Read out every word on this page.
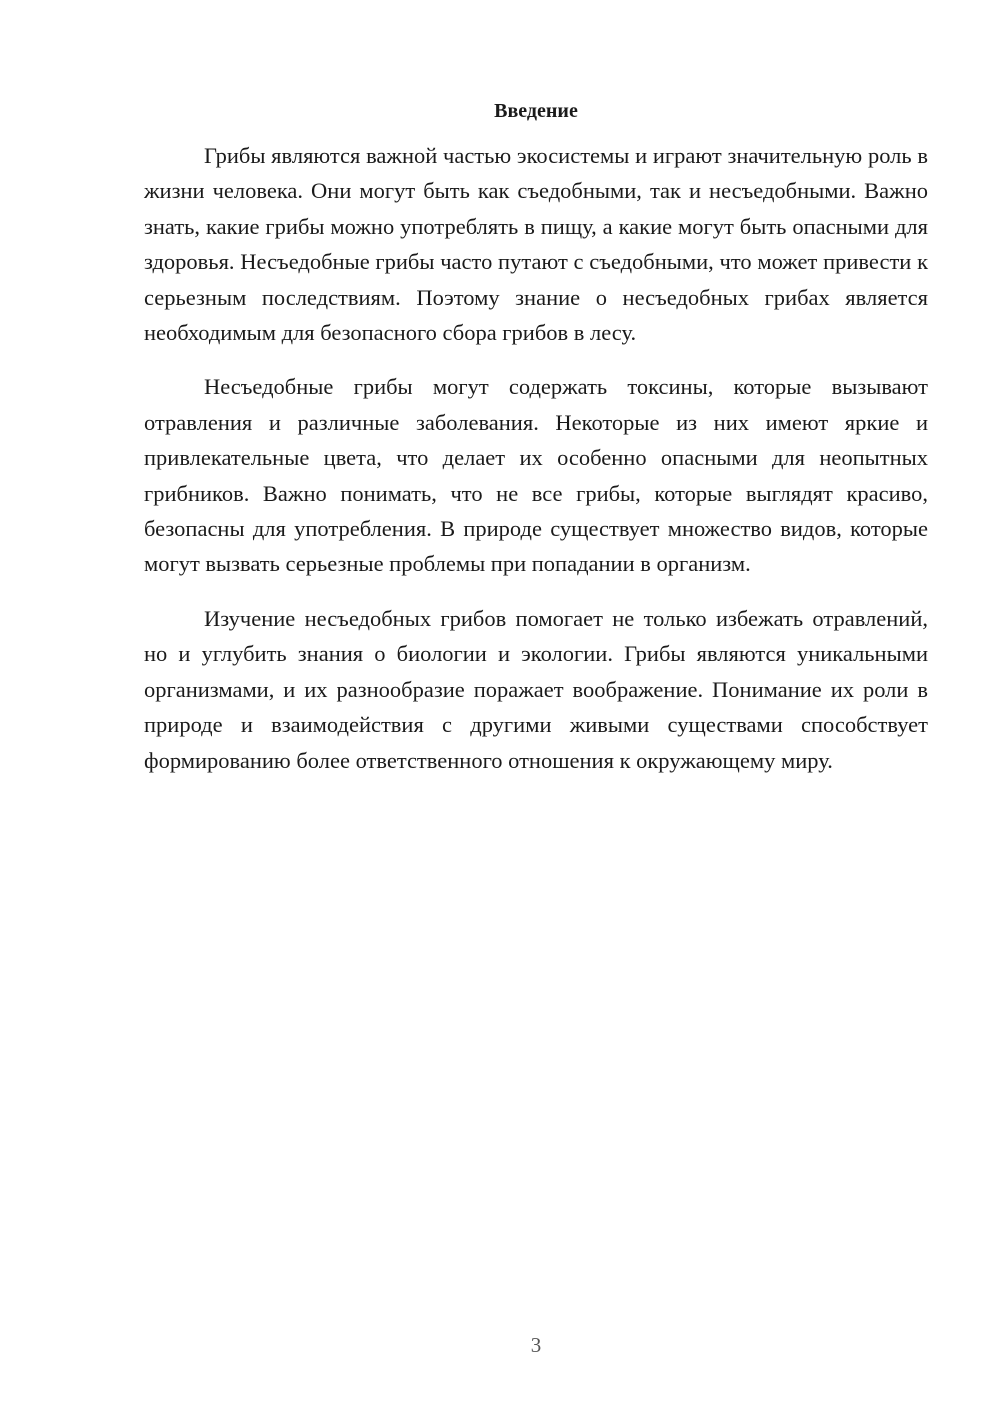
Введение

Грибы являются важной частью экосистемы и играют значительную роль в жизни человека. Они могут быть как съедобными, так и несъедобными. Важно знать, какие грибы можно употреблять в пищу, а какие могут быть опасными для здоровья. Несъедобные грибы часто путают с съедобными, что может привести к серьезным последствиям. Поэтому знание о несъедобных грибах является необходимым для безопасного сбора грибов в лесу.

Несъедобные грибы могут содержать токсины, которые вызывают отравления и различные заболевания. Некоторые из них имеют яркие и привлекательные цвета, что делает их особенно опасными для неопытных грибников. Важно понимать, что не все грибы, которые выглядят красиво, безопасны для употребления. В природе существует множество видов, которые могут вызвать серьезные проблемы при попадании в организм.

Изучение несъедобных грибов помогает не только избежать отравлений, но и углубить знания о биологии и экологии. Грибы являются уникальными организмами, и их разнообразие поражает воображение. Понимание их роли в природе и взаимодействия с другими живыми существами способствует формированию более ответственного отношения к окружающему миру.

3
